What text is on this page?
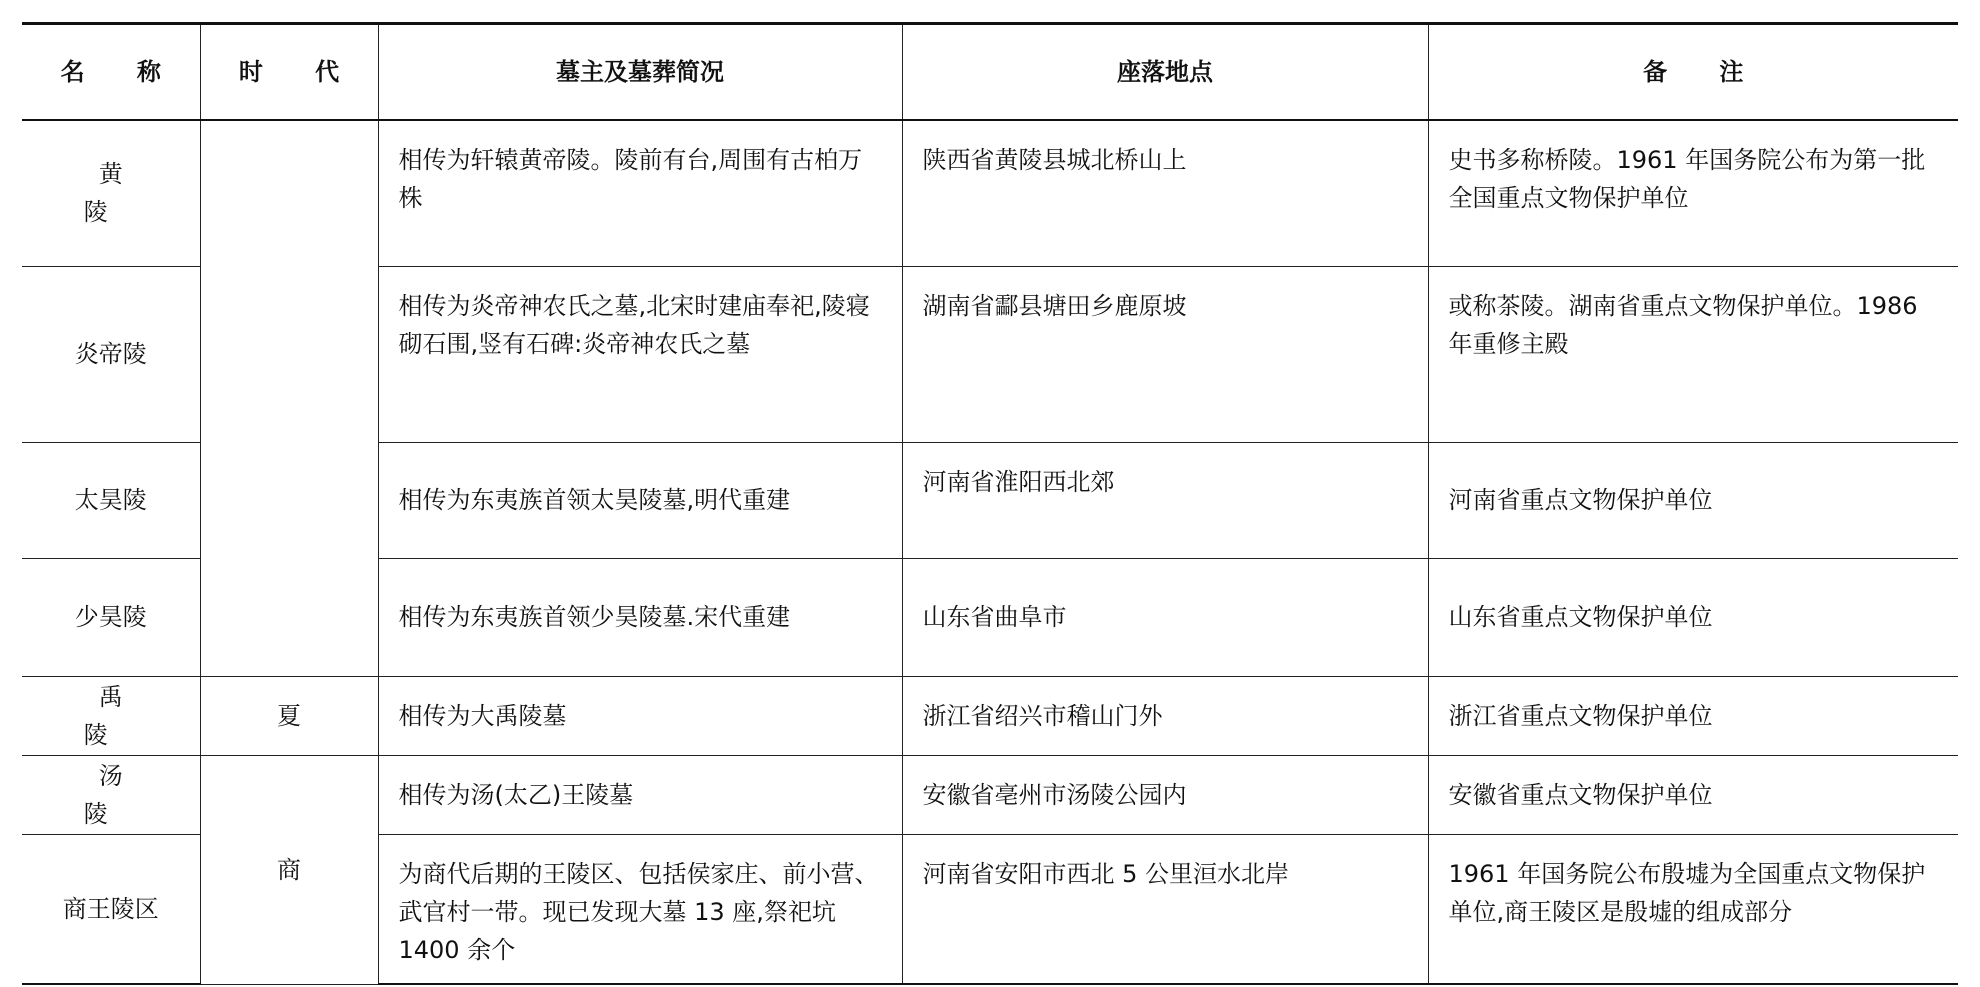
名 称	时 代	墓主及墓葬简况	座落地点	备 注
黄 陵		相传为轩辕黄帝陵。陵前有台,周围有古柏万株	陕西省黄陵县城北桥山上	史书多称桥陵。1961 年国务院公布为第一批全国重点文物保护单位
炎帝陵		相传为炎帝神农氏之墓,北宋时建庙奉祀,陵寝砌石围,竖有石碑:炎帝神农氏之墓	湖南省酃县塘田乡鹿原坡	或称茶陵。湖南省重点文物保护单位。1986 年重修主殿
太昊陵		相传为东夷族首领太昊陵墓,明代重建	河南省淮阳西北郊	河南省重点文物保护单位
少昊陵		相传为东夷族首领少昊陵墓.宋代重建	山东省曲阜市	山东省重点文物保护单位
禹 陵	夏	相传为大禹陵墓	浙江省绍兴市稽山门外	浙江省重点文物保护单位
汤 陵	商	相传为汤(太乙)王陵墓	安徽省亳州市汤陵公园内	安徽省重点文物保护单位
商王陵区		为商代后期的王陵区、包括侯家庄、前小营、武官村一带。现已发现大墓 13 座,祭祀坑 1400 余个	河南省安阳市西北 5 公里洹水北岸	1961 年国务院公布殷墟为全国重点文物保护单位,商王陵区是殷墟的组成部分
